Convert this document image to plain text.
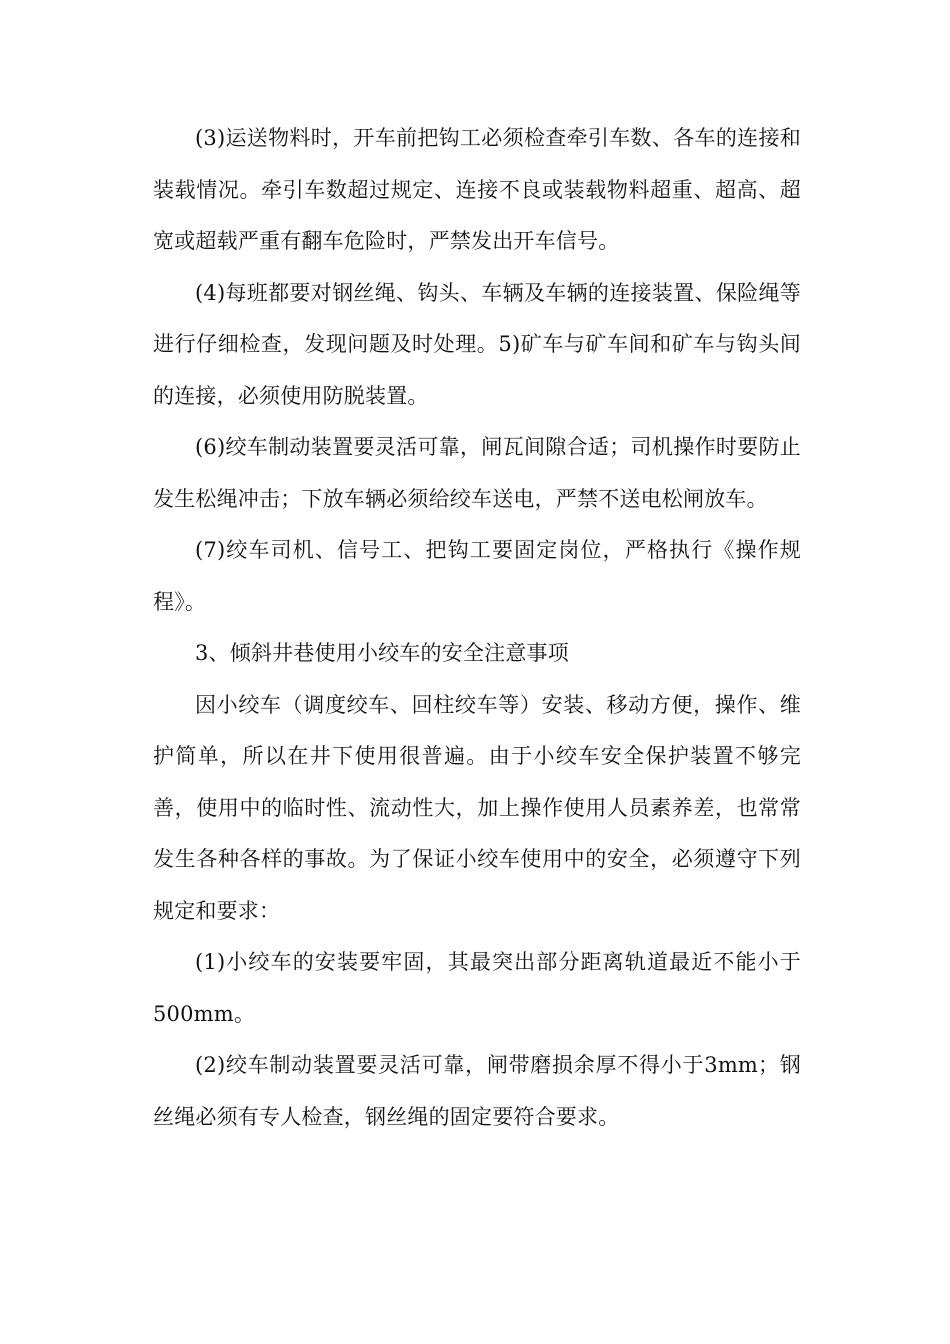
(3)运送物料时，开车前把钩工必须检查牵引车数、各车的连接和装载情况。牵引车数超过规定、连接不良或装载物料超重、超高、超宽或超载严重有翻车危险时，严禁发出开车信号。

(4)每班都要对钢丝绳、钩头、车辆及车辆的连接装置、保险绳等进行仔细检查，发现问题及时处理。5)矿车与矿车间和矿车与钩头间的连接，必须使用防脱装置。

(6)绞车制动装置要灵活可靠，闸瓦间隙合适；司机操作时要防止发生松绳冲击；下放车辆必须给绞车送电，严禁不送电松闸放车。

(7)绞车司机、信号工、把钩工要固定岗位，严格执行《操作规程》。

3、倾斜井巷使用小绞车的安全注意事项

因小绞车（调度绞车、回柱绞车等）安装、移动方便，操作、维护简单，所以在井下使用很普遍。由于小绞车安全保护装置不够完善，使用中的临时性、流动性大，加上操作使用人员素养差，也常常发生各种各样的事故。为了保证小绞车使用中的安全，必须遵守下列规定和要求：

(1)小绞车的安装要牢固，其最突出部分距离轨道最近不能小于500mm。

(2)绞车制动装置要灵活可靠，闸带磨损余厚不得小于3mm；钢丝绳必须有专人检查，钢丝绳的固定要符合要求。
